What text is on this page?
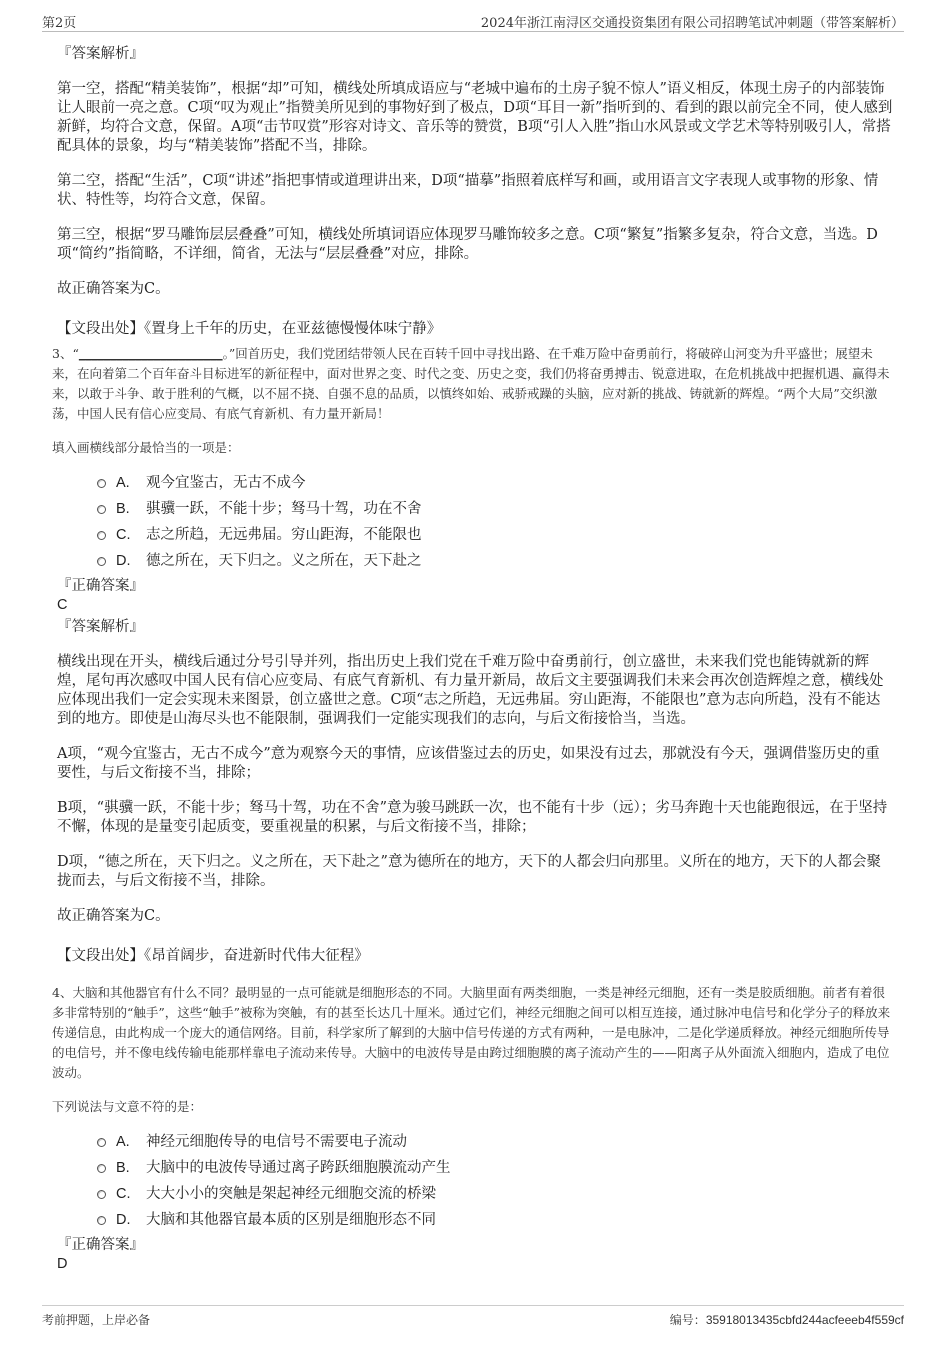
第2页	2024年浙江南浔区交通投资集团有限公司招聘笔试冲刺题（带答案解析）
『答案解析』
第一空，搭配“精美装饰”，根据“却”可知，横线处所填成语应与“老城中遍布的土房子貌不惊人”语义相反，体现土房子的内部装饰让人眼前一亮之意。C项“叹为观止”指赞美所见到的事物好到了极点，D项“耳目一新”指听到的、看到的跟以前完全不同，使人感到新鲜，均符合文意，保留。A项“击节叹赏”形容对诗文、音乐等的赞赏，B项“引人入胜”指山水风景或文学艺术等特别吸引人，常搭配具体的景象，均与“精美装饰”搭配不当，排除。
第二空，搭配“生活”，C项“讲述”指把事情或道理讲出来，D项“描摹”指照着底样写和画，或用语言文字表现人或事物的形象、情状、特性等，均符合文意，保留。
第三空，根据“罗马雕饰层层叠叠”可知，横线处所填词语应体现罗马雕饰较多之意。C项“繁复”指繁多复杂，符合文意，当选。D项“简约”指简略，不详细，简省，无法与“层层叠叠”对应，排除。
故正确答案为C。
【文段出处】《置身上千年的历史，在亚兹德慢慢体味宁静》
3、“_______________________。”回首历史，我们党团结带领人民在百转千回中寻找出路、在千难万险中奋勇前行，将破碎山河变为升平盛世；展望未来，在向着第二个百年奋斗目标进军的新征程中，面对世界之变、时代之变、历史之变，我们仍将奋勇搏击、锐意进取，在危机挑战中把握机遇、赢得未来，以敢于斗争、敢于胜利的气概，以不屈不挠、自强不息的品质，以慎终如始、戒骄戒躁的头脑，应对新的挑战、铸就新的辉煌。“两个大局”交织激荡，中国人民有信心应变局、有底气育新机、有力量开新局！
填入画横线部分最恰当的一项是：
A.	观今宜鉴古，无古不成今
B.	骐骥一跃，不能十步；驽马十驾，功在不舍
C.	志之所趋，无远弗届。穷山距海，不能限也
D.	德之所在，天下归之。义之所在，天下赴之
『正确答案』
C
『答案解析』
横线出现在开头，横线后通过分号引导并列，指出历史上我们党在千难万险中奋勇前行，创立盛世，未来我们党也能铸就新的辉煌，尾句再次感叹中国人民有信心应变局、有底气育新机、有力量开新局，故后文主要强调我们未来会再次创造辉煌之意，横线处应体现出我们一定会实现未来图景，创立盛世之意。C项“志之所趋，无远弗届。穷山距海，不能限也”意为志向所趋，没有不能达到的地方。即使是山海尽头也不能限制，强调我们一定能实现我们的志向，与后文衔接恰当，当选。
A项，“观今宜鉴古，无古不成今”意为观察今天的事情，应该借鉴过去的历史，如果没有过去，那就没有今天，强调借鉴历史的重要性，与后文衔接不当，排除；
B项，“骐骥一跃，不能十步；驽马十驾，功在不舍”意为骏马跳跃一次，也不能有十步（远）；劣马奔跑十天也能跑很远，在于坚持不懈，体现的是量变引起质变，要重视量的积累，与后文衔接不当，排除；
D项，“德之所在，天下归之。义之所在，天下赴之”意为德所在的地方，天下的人都会归向那里。义所在的地方，天下的人都会聚拢而去，与后文衔接不当，排除。
故正确答案为C。
【文段出处】《昂首阔步，奋进新时代伟大征程》
4、大脑和其他器官有什么不同？最明显的一点可能就是细胞形态的不同。大脑里面有两类细胞，一类是神经元细胞，还有一类是胶质细胞。前者有着很多非常特别的“触手”，这些“触手”被称为突触，有的甚至长达几十厘米。通过它们，神经元细胞之间可以相互连接，通过脉冲电信号和化学分子的释放来传递信息，由此构成一个庞大的通信网络。目前，科学家所了解到的大脑中信号传递的方式有两种，一是电脉冲，二是化学递质释放。神经元细胞所传导的电信号，并不像电线传输电能那样靠电子流动来传导。大脑中的电波传导是由跨过细胞膜的离子流动产生的——阳离子从外面流入细胞内，造成了电位波动。
下列说法与文意不符的是：
A.	神经元细胞传导的电信号不需要电子流动
B.	大脑中的电波传导通过离子跨跃细胞膜流动产生
C.	大大小小的突触是架起神经元细胞交流的桥梁
D.	大脑和其他器官最本质的区别是细胞形态不同
『正确答案』
D
考前押题，上岸必备	编号：35918013435cbfd244acfeeeb4f559cf
